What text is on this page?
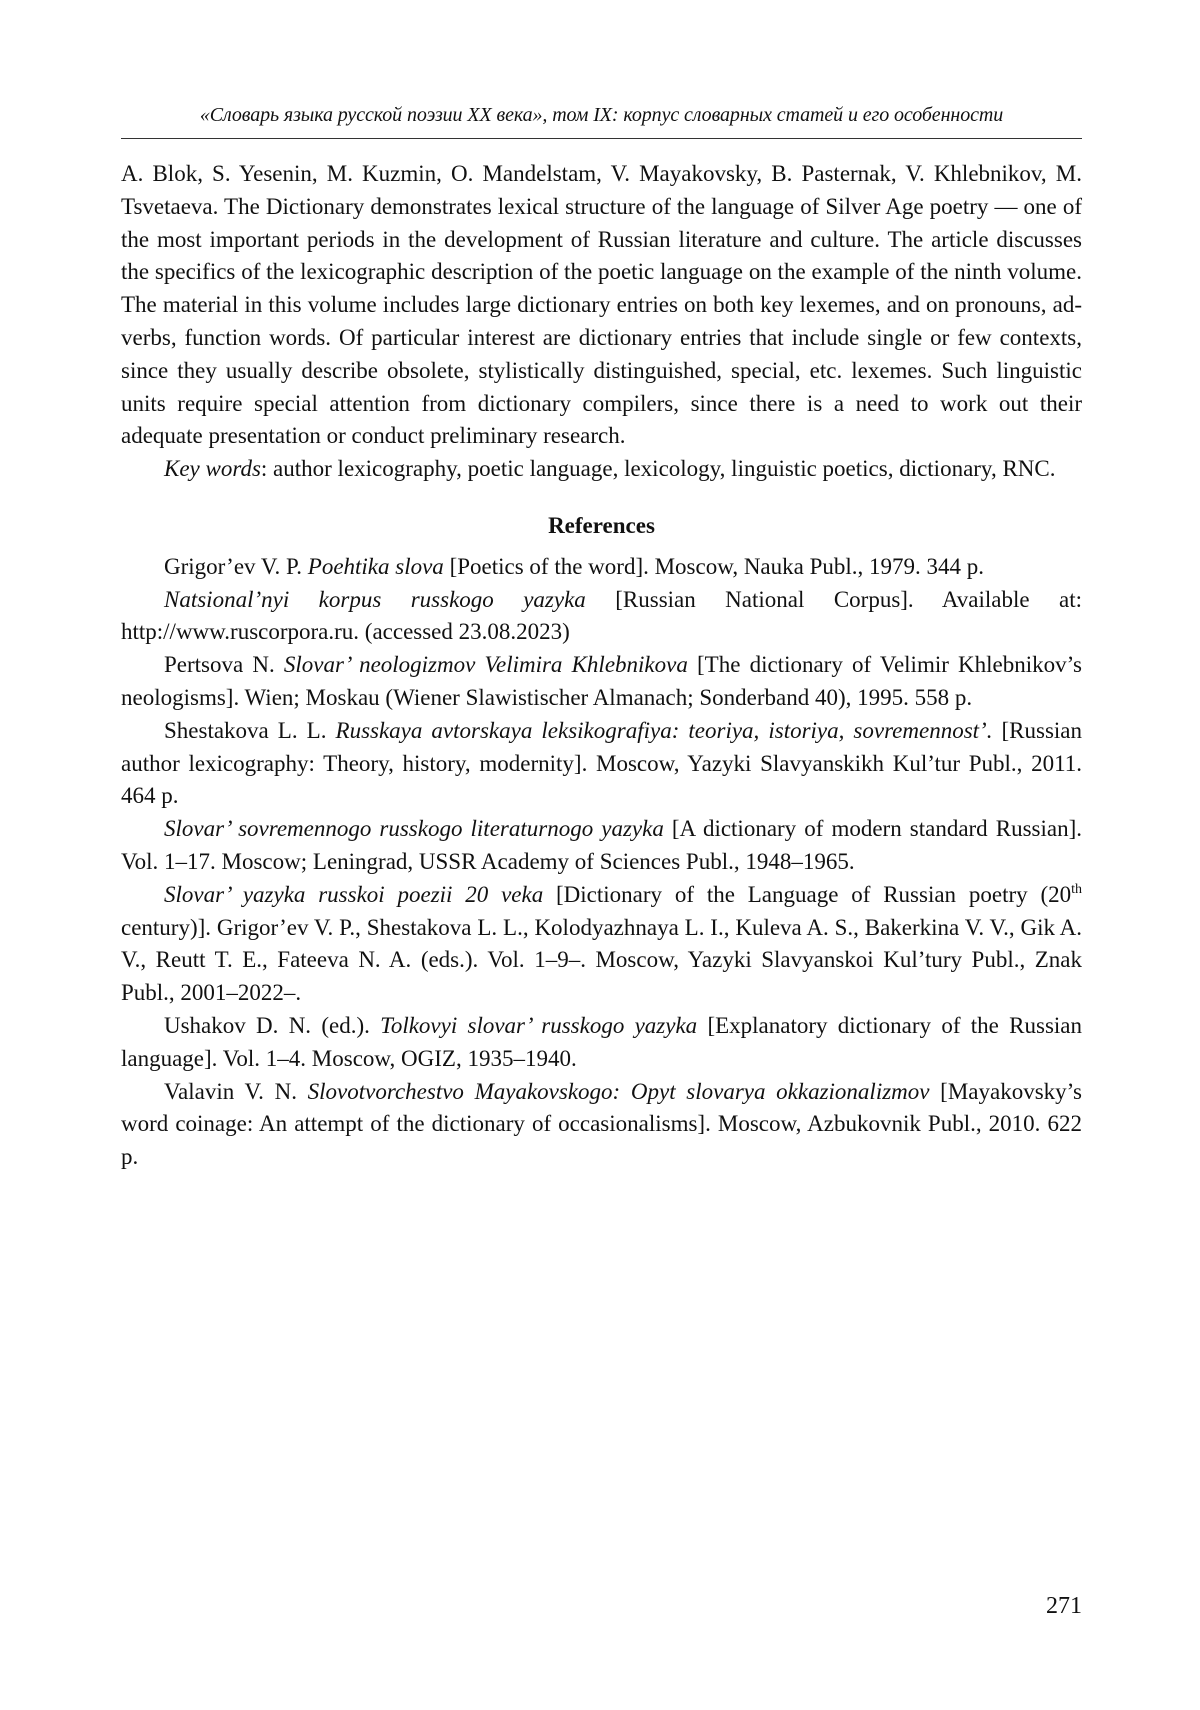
«Словарь языка русской поэзии XX века», том IX: корпус словарных статей и его особенности

A. Blok, S. Yesenin, M. Kuzmin, O. Mandelstam, V. Mayakovsky, B. Pasternak, V. Khlebnikov, M. Tsvetaeva. The Dictionary demonstrates lexical structure of the language of Silver Age poetry — one of the most important periods in the development of Russian literature and culture. The article discusses the specifics of the lexicographic description of the poetic language on the example of the ninth volume. The material in this volume includes large dictionary entries on both key lexemes, and on pronouns, adverbs, function words. Of particular interest are dictionary entries that include single or few contexts, since they usually describe obsolete, stylistically distinguished, special, etc. lexemes. Such linguistic units require special attention from dictionary compilers, since there is a need to work out their adequate presentation or conduct preliminary research.

Key words: author lexicography, poetic language, lexicology, linguistic poetics, dictionary, RNC.

References

Grigor’ev V. P. Poehtika slova [Poetics of the word]. Moscow, Nauka Publ., 1979. 344 p.

Natsional’nyi korpus russkogo yazyka [Russian National Corpus]. Available at: http://www.ruscorpora.ru. (accessed 23.08.2023)

Pertsova N. Slovar’ neologizmov Velimira Khlebnikova [The dictionary of Velimir Khlebnikov’s neologisms]. Wien; Moskau (Wiener Slawistischer Almanach; Sonderband 40), 1995. 558 p.

Shestakova L. L. Russkaya avtorskaya leksikografiya: teoriya, istoriya, sovremennost’. [Russian author lexicography: Theory, history, modernity]. Moscow, Yazyki Slavyanskikh Kul’tur Publ., 2011. 464 p.

Slovar’ sovremennogo russkogo literaturnogo yazyka [A dictionary of modern standard Russian]. Vol. 1–17. Moscow; Leningrad, USSR Academy of Sciences Publ., 1948–1965.

Slovar’ yazyka russkoi poezii 20 veka [Dictionary of the Language of Russian poetry (20th century)]. Grigor’ev V. P., Shestakova L. L., Kolodyazhnaya L. I., Kuleva A. S., Bakerkina V. V., Gik A. V., Reutt T. E., Fateeva N. A. (eds.). Vol. 1–9–. Moscow, Yazyki Slavyanskoi Kul’tury Publ., Znak Publ., 2001–2022–.

Ushakov D. N. (ed.). Tolkovyi slovar’ russkogo yazyka [Explanatory dictionary of the Russian language]. Vol. 1–4. Moscow, OGIZ, 1935–1940.

Valavin V. N. Slovotvorchestvo Mayakovskogo: Opyt slovarya okkazionalizmov [Mayakovsky’s word coinage: An attempt of the dictionary of occasionalisms]. Moscow, Azbukovnik Publ., 2010. 622 p.

271
